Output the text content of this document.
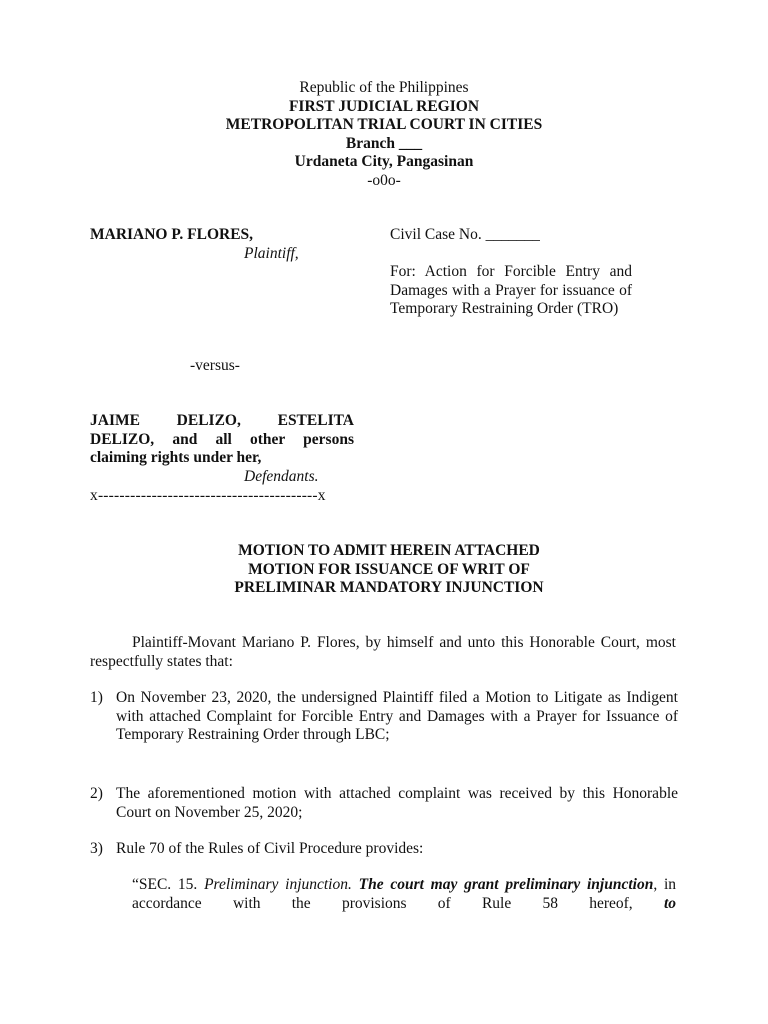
Republic of the Philippines
FIRST JUDICIAL REGION
METROPOLITAN TRIAL COURT IN CITIES
Branch ___
Urdaneta City, Pangasinan
-o0o-
MARIANO P. FLORES,
Plaintiff,
Civil Case No. _______
For: Action for Forcible Entry and Damages with a Prayer for issuance of Temporary Restraining Order (TRO)
-versus-
JAIME DELIZO, ESTELITA DELIZO, and all other persons claiming rights under her,
Defendants.
x-----------------------------------------x
MOTION TO ADMIT HEREIN ATTACHED
MOTION FOR ISSUANCE OF WRIT OF
PRELIMINAR MANDATORY INJUNCTION
Plaintiff-Movant Mariano P. Flores, by himself and unto this Honorable Court, most respectfully states that:
1) On November 23, 2020, the undersigned Plaintiff filed a Motion to Litigate as Indigent with attached Complaint for Forcible Entry and Damages with a Prayer for Issuance of Temporary Restraining Order through LBC;
2) The aforementioned motion with attached complaint was received by this Honorable Court on November 25, 2020;
3) Rule 70 of the Rules of Civil Procedure provides:
“SEC. 15. Preliminary injunction. The court may grant preliminary injunction, in accordance with the provisions of Rule 58 hereof, to
